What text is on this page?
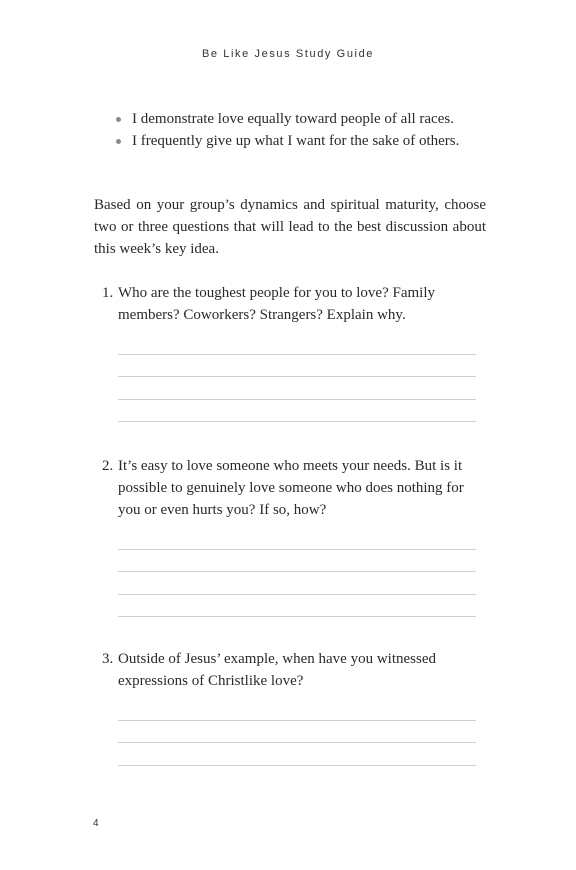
Be Like Jesus Study Guide
I demonstrate love equally toward people of all races.
I frequently give up what I want for the sake of others.

Based on your group’s dynamics and spiritual maturity, choose two or three questions that will lead to the best discussion about this week’s key idea.

1. Who are the toughest people for you to love? Family members? Coworkers? Strangers? Explain why.
2. It’s easy to love someone who meets your needs. But is it possible to genuinely love someone who does nothing for you or even hurts you? If so, how?
3. Outside of Jesus’ example, when have you witnessed expressions of Christlike love?
4
